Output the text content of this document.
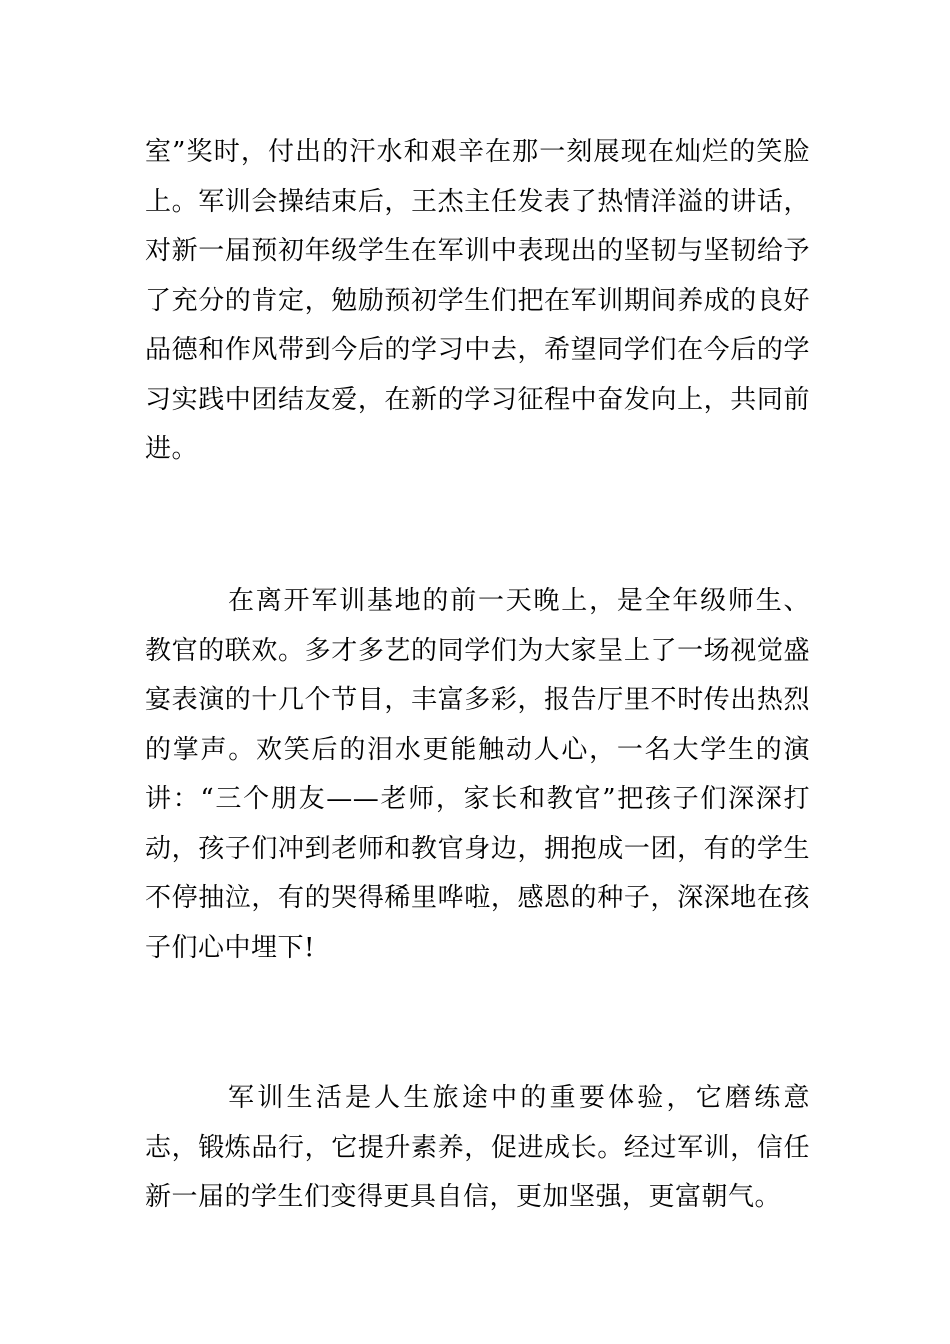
室”奖时，付出的汗水和艰辛在那一刻展现在灿烂的笑脸上。军训会操结束后，王杰主任发表了热情洋溢的讲话，对新一届预初年级学生在军训中表现出的坚韧与坚韧给予了充分的肯定，勉励预初学生们把在军训期间养成的良好品德和作风带到今后的学习中去，希望同学们在今后的学习实践中团结友爱，在新的学习征程中奋发向上，共同前进。

在离开军训基地的前一天晚上，是全年级师生、教官的联欢。多才多艺的同学们为大家呈上了一场视觉盛宴表演的十几个节目，丰富多彩，报告厅里不时传出热烈的掌声。欢笑后的泪水更能触动人心，一名大学生的演讲：“三个朋友——老师，家长和教官”把孩子们深深打动，孩子们冲到老师和教官身边，拥抱成一团，有的学生不停抽泣，有的哭得稀里哗啦，感恩的种子，深深地在孩子们心中埋下!

军训生活是人生旅途中的重要体验，它磨练意志，锻炼品行，它提升素养，促进成长。经过军训，信任新一届的学生们变得更具自信，更加坚强，更富朝气。
